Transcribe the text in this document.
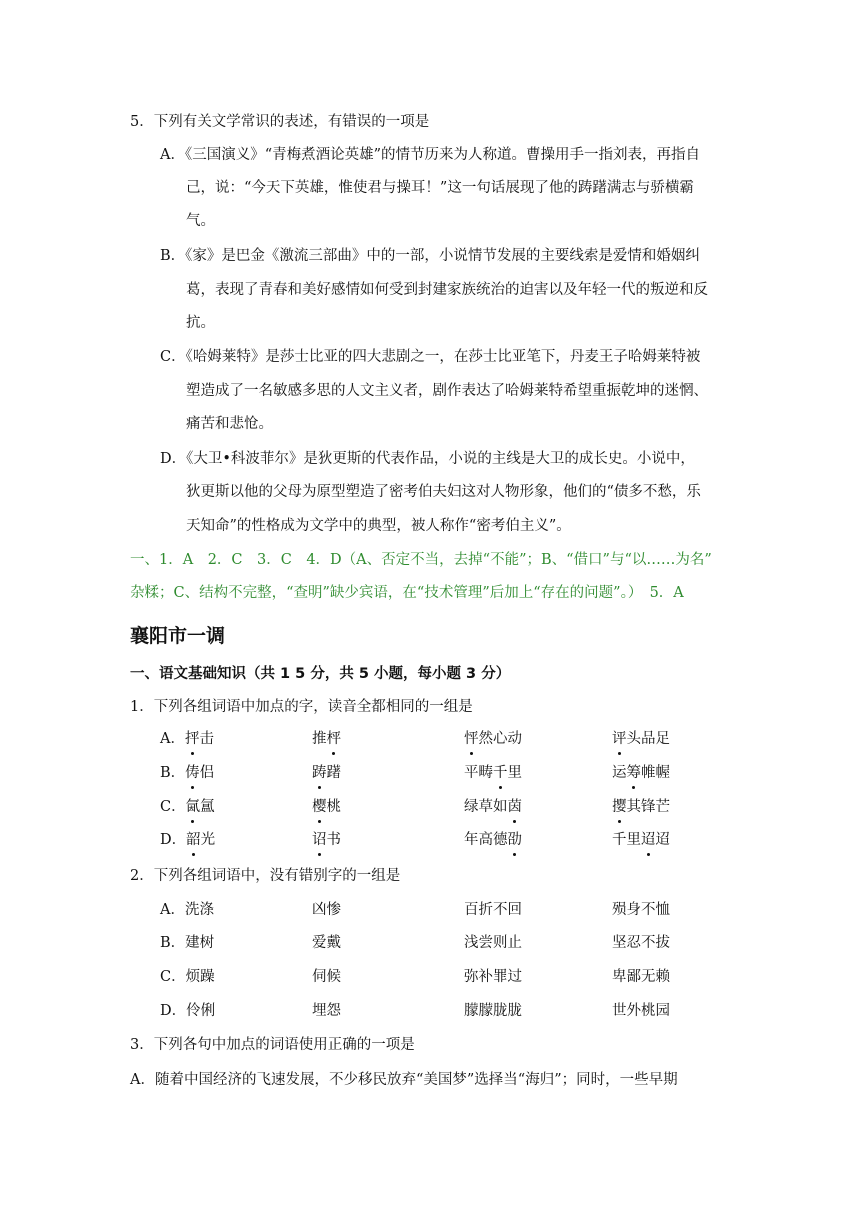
5．下列有关文学常识的表述，有错误的一项是
A．《三国演义》“青梅煮酒论英雄”的情节历来为人称道。曹操用手一指刘表，再指自
己，说：“今天下英雄，惟使君与操耳！”这一句话展现了他的踌躇满志与骄横霸
气。
B．《家》是巴金《激流三部曲》中的一部，小说情节发展的主要线索是爱情和婚姻纠
葛，表现了青春和美好感情如何受到封建家族统治的迫害以及年轻一代的叛逆和反
抗。
C．《哈姆莱特》是莎士比亚的四大悲剧之一，在莎士比亚笔下，丹麦王子哈姆莱特被
塑造成了一名敏感多思的人文主义者，剧作表达了哈姆莱特希望重振乾坤的迷惘、
痛苦和悲怆。
D．《大卫•科波菲尔》是狄更斯的代表作品，小说的主线是大卫的成长史。小说中，
狄更斯以他的父母为原型塑造了密考伯夫妇这对人物形象，他们的“债多不愁，乐
天知命”的性格成为文学中的典型，被人称作“密考伯主义”。
一、1．A　2．C　3．C　4．D（A、否定不当，去掉“不能”；B、“借口”与“以……为名”
杂糅；C、结构不完整，“查明”缺少宾语，在“技术管理”后加上“存在的问题”。）　5．A
襄阳市一调
一、语文基础知识（共 1 5 分，共 5 小题，每小题 3 分）
1．下列各组词语中加点的字，读音全都相同的一组是
A．抨击	推枰	怦然心动	评头品足
B．俦侣	踌躇	平畴千里	运筹帷幄
C．氤氲	樱桃	绿草如茵	撄其锋芒
D．韶光	诏书	年高德劭	千里迢迢
2．下列各组词语中，没有错别字的一组是
A．洗涤	凶惨	百折不回	殒身不恤
B．建树	爱戴	浅尝则止	坚忍不拔
C．烦躁	伺候	弥补罪过	卑鄙无赖
D．伶俐	埋怨	朦朦胧胧	世外桃园
3．下列各句中加点的词语使用正确的一项是
A．随着中国经济的飞速发展，不少移民放弃“美国梦”选择当“海归”；同时，一些早期
